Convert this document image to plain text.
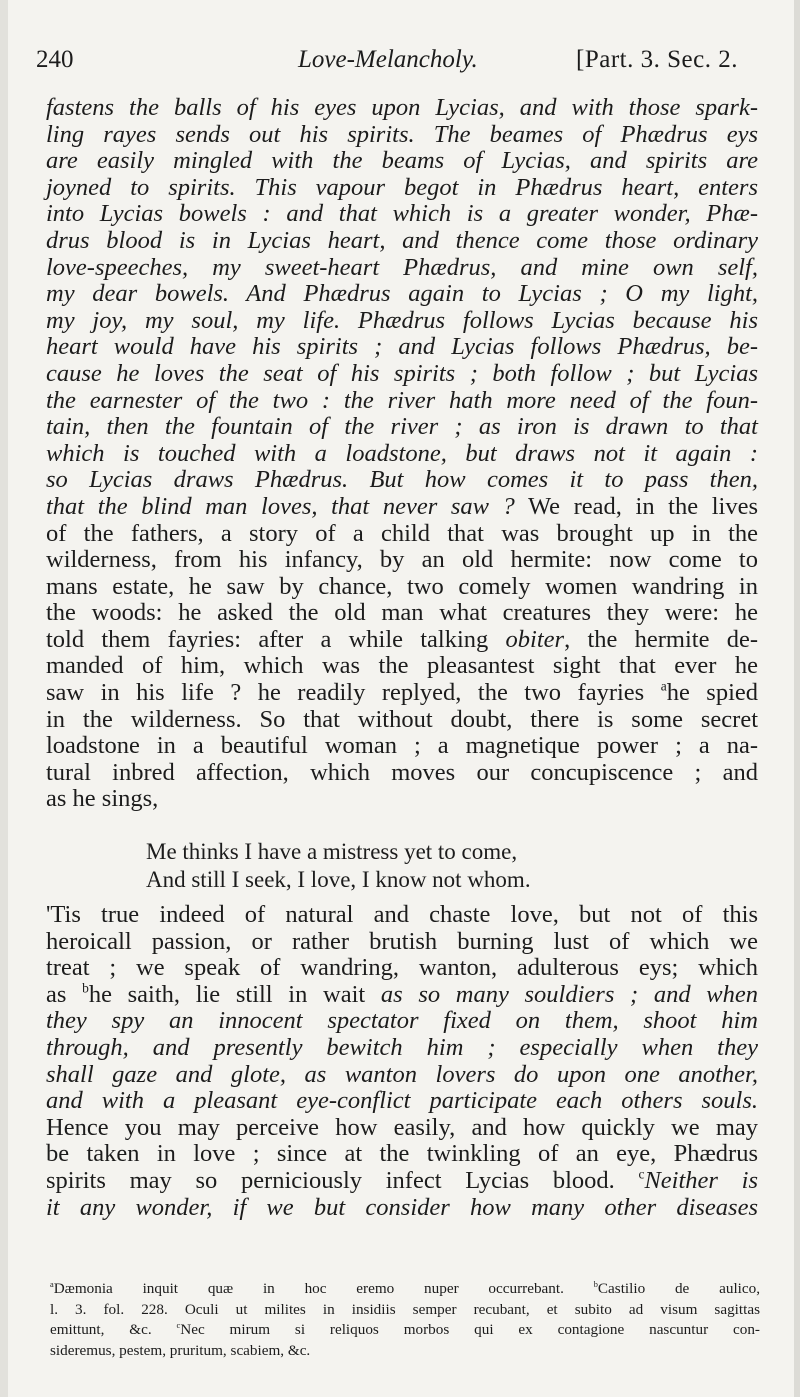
240	Love-Melancholy.	[Part. 3. Sec. 2.
fastens the balls of his eyes upon Lycias, and with those spark-
ling rayes sends out his spirits. The beames of Phædrus eys
are easily mingled with the beams of Lycias, and spirits are
joyned to spirits. This vapour begot in Phædrus heart, enters
into Lycias bowels : and that which is a greater wonder, Phæ-
drus blood is in Lycias heart, and thence come those ordinary
love-speeches, my sweet-heart Phædrus, and mine own self,
my dear bowels. And Phædrus again to Lycias ; O my light,
my joy, my soul, my life. Phædrus follows Lycias because his
heart would have his spirits ; and Lycias follows Phædrus, be-
cause he loves the seat of his spirits ; both follow ; but Lycias
the earnester of the two : the river hath more need of the foun-
tain, then the fountain of the river ; as iron is drawn to that
which is touched with a loadstone, but draws not it again :
so Lycias draws Phædrus. But how comes it to pass then,
that the blind man loves, that never saw ? We read, in the lives
of the fathers, a story of a child that was brought up in the
wilderness, from his infancy, by an old hermite: now come to
mans estate, he saw by chance, two comely women wandring in
the woods: he asked the old man what creatures they were: he
told them fayries: after a while talking obiter, the hermite de-
manded of him, which was the pleasantest sight that ever he
saw in his life ? he readily replyed, the two fayries $^a$he spied
in the wilderness. So that without doubt, there is some secret
loadstone in a beautiful woman ; a magnetique power ; a na-
tural inbred affection, which moves our concupiscence ; and
as he sings,
Me thinks I have a mistress yet to come,
And still I seek, I love, I know not whom.
'Tis true indeed of natural and chaste love, but not of this
heroicall passion, or rather brutish burning lust of which we
treat ; we speak of wandring, wanton, adulterous eys; which
as $^b$he saith, lie still in wait as so many souldiers ; and when
they spy an innocent spectator fixed on them, shoot him
through, and presently bewitch him ; especially when they
shall gaze and glote, as wanton lovers do upon one another,
and with a pleasant eye-conflict participate each others souls.
Hence you may perceive how easily, and how quickly we may
be taken in love ; since at the twinkling of an eye, Phædrus
spirits may so perniciously infect Lycias blood. $^c$Neither is
it any wonder, if we but consider how many other diseases
$^a$Dæmonia inquit quæ in hoc eremo nuper occurrebant.	$^b$Castilio de aulico,
l. 3. fol. 228. Oculi ut milites in insidiis semper recubant, et subito ad visum sagittas
emittunt, &c.	$^c$Nec mirum si reliquos morbos qui ex contagione nascuntur con-
sideremus, pestem, pruritum, scabiem, &c.
